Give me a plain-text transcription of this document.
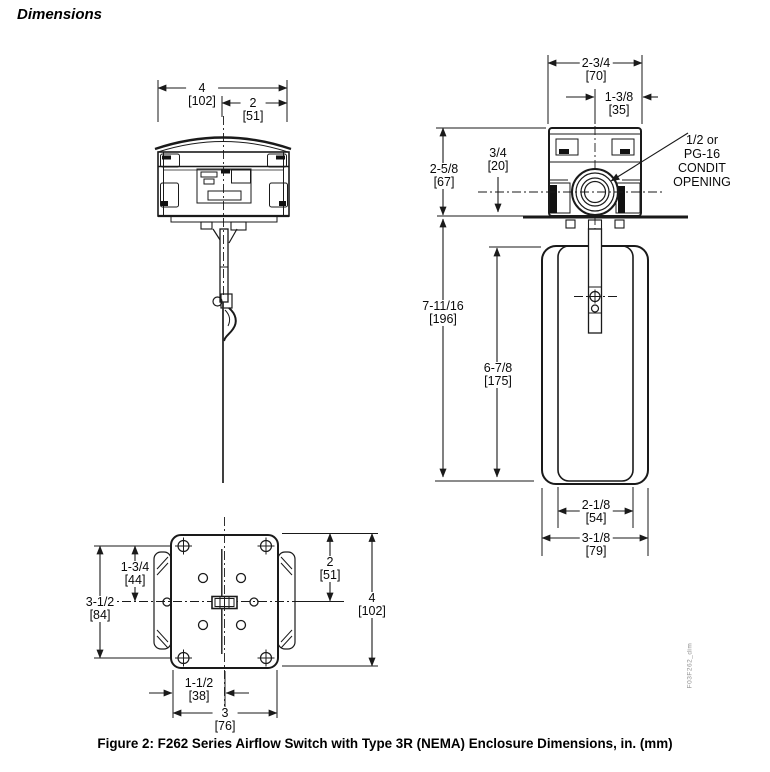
Dimensions
4
[102]	2
[51]
2-3/4
[70]
1-3/8
[35]
1/2 or
PG-16
CONDIT
OPENING
3/4
[20]
2-5/8
[67]
7-11/16
[196]
6-7/8
[175]
2-1/8
[54]
3-1/8
[79]
1-3/4
[44]
3-1/2
[84]
2
[51]
4
[102]
1-1/2
[38]
3
[76]
F03F262_dim
Figure 2: F262 Series Airflow Switch with Type 3R (NEMA) Enclosure Dimensions, in. (mm)
